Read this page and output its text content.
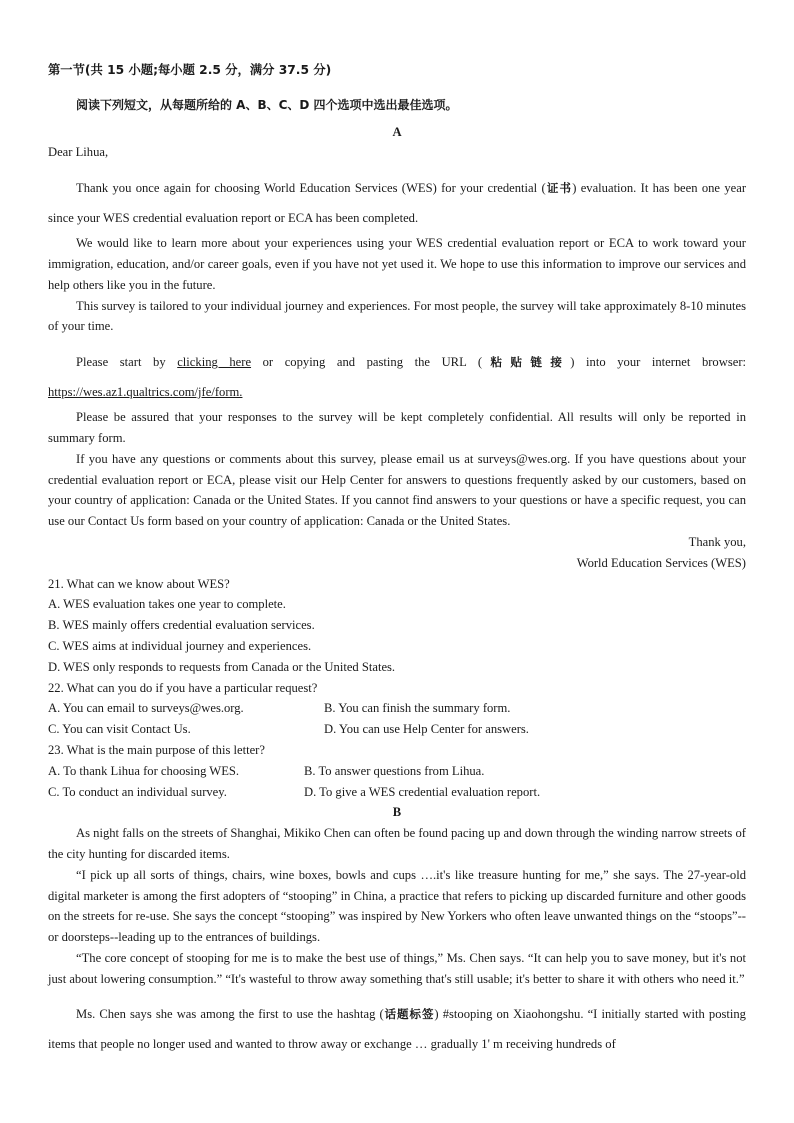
第一节(共 15 小题;每小题 2.5 分，满分 37.5 分)
阅读下列短文，从每题所给的 A、B、C、D 四个选项中选出最佳选项。
A

Dear Lihua,

Thank you once again for choosing World Education Services (WES) for your credential (证书) evaluation. It has been one year since your WES credential evaluation report or ECA has been completed.

We would like to learn more about your experiences using your WES credential evaluation report or ECA to work toward your immigration, education, and/or career goals, even if you have not yet used it. We hope to use this information to improve our services and help others like you in the future.

This survey is tailored to your individual journey and experiences. For most people, the survey will take approximately 8-10 minutes of your time.

Please start by clicking here or copying and pasting the URL (粘贴链接) into your internet browser: https://wes.az1.qualtrics.com/jfe/form.

Please be assured that your responses to the survey will be kept completely confidential. All results will only be reported in summary form.

If you have any questions or comments about this survey, please email us at surveys@wes.org. If you have questions about your credential evaluation report or ECA, please visit our Help Center for answers to questions frequently asked by our customers, based on your country of application: Canada or the United States. If you cannot find answers to your questions or have a specific request, you can use our Contact Us form based on your country of application: Canada or the United States.

Thank you,

World Education Services (WES)

21. What can we know about WES?

A. WES evaluation takes one year to complete.

B. WES mainly offers credential evaluation services.

C. WES aims at individual journey and experiences.

D. WES only responds to requests from Canada or the United States.

22. What can you do if you have a particular request?

A. You can email to surveys@wes.org.	B. You can finish the summary form.
C. You can visit Contact Us.	D. You can use Help Center for answers.

23. What is the main purpose of this letter?

A. To thank Lihua for choosing WES.	B. To answer questions from Lihua.
C. To conduct an individual survey.	D. To give a WES credential evaluation report.
B

As night falls on the streets of Shanghai, Mikiko Chen can often be found pacing up and down through the winding narrow streets of the city hunting for discarded items.

“I pick up all sorts of things, chairs, wine boxes, bowls and cups ….it's like treasure hunting for me,” she says. The 27-year-old digital marketer is among the first adopters of “stooping” in China, a practice that refers to picking up discarded furniture and other goods on the streets for re-use. She says the concept “stooping” was inspired by New Yorkers who often leave unwanted things on the “stoops”-- or doorsteps--leading up to the entrances of buildings.

“The core concept of stooping for me is to make the best use of things,” Ms. Chen says. “It can help you to save money, but it's not just about lowering consumption.” “It's wasteful to throw away something that's still usable; it's better to share it with others who need it.”

Ms. Chen says she was among the first to use the hashtag (话题标签) #stooping on Xiaohongshu. “I initially started with posting items that people no longer used and wanted to throw away or exchange … gradually 1' m receiving hundreds of
